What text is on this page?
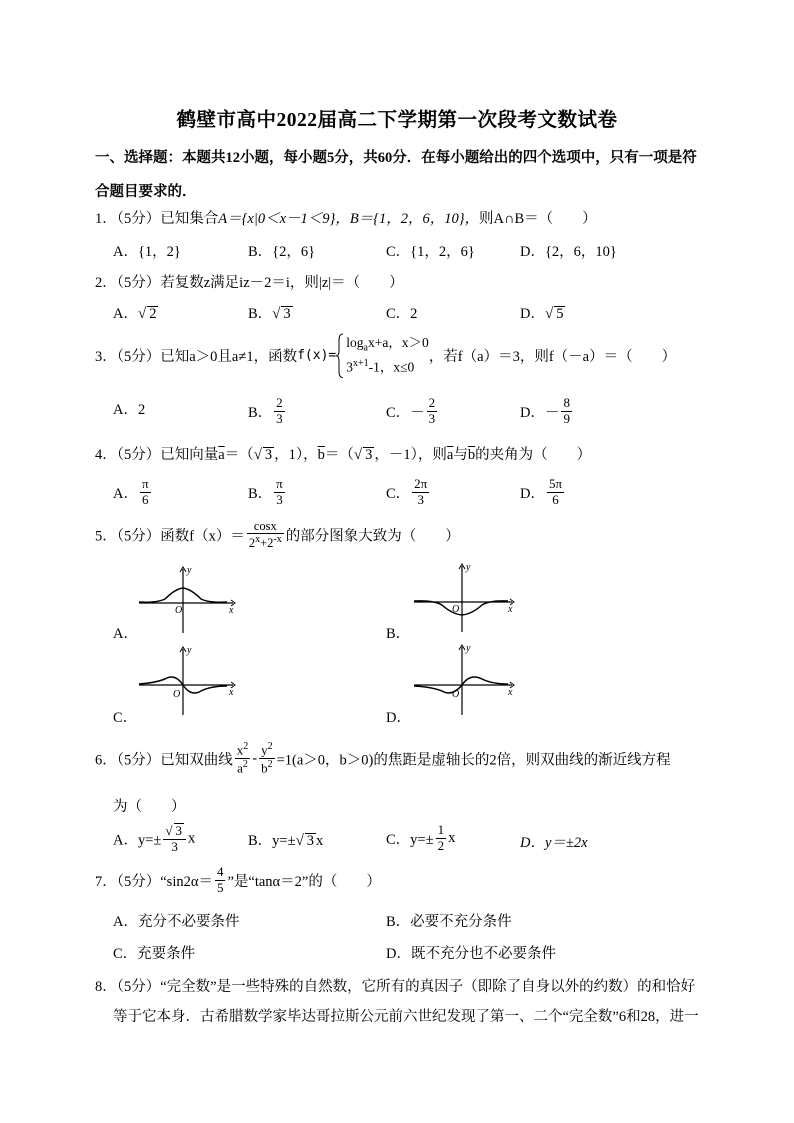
鹤壁市高中2022届高二下学期第一次段考文数试卷
一、选择题：本题共12小题，每小题5分，共60分．在每小题给出的四个选项中，只有一项是符
合题目要求的．
1．（5分）已知集合A＝{x|0＜x－1＜9}，B＝{1，2，6，10}，则A∩B＝（　　）
A．{1，2}	B．{2，6}	C．{1，2，6}	D．{2，6，10}
2．（5分）若复数z满足iz－2＝i，则|z|＝（　　）
A．√ 2	B．√ 3	C．2	D．√ 5
3．（5分）已知a＞0且a≠1，函数f(x)=
$\log_ax+a$，x＞0
$3^{x+1}-1$，x≤0
，若f（a）＝3，则f（－a）＝（　　）
A．2	B． $\frac{2}{3}$	C．－ $\frac{2}{3}$	D．－ $\frac{8}{9}$
4．（5分）已知向量$\overline{a}=(√$ 3 ，1），$\overline{b}=(√$ 3 ，－1），则$\overline{a}$与$\overline{b}$的夹角为（　　）
A． $\frac{\pi}{6}$	B． $\frac{\pi}{3}$	C． $\frac{2\pi}{3}$	D． $\frac{5\pi}{6}$
5．（5分）函数$f(x)= \frac{\cos x}{2^x+2^{-x}}$ 的部分图象大致为（　　）
O	x
y
A．
O	x
y
B．
O	x
y
C．
O	x
y
D．
6．（5分）已知双曲线 $\frac{x^2}{a^2} - \frac{y^2}{b^2} =1(a>0$，b＞0)的焦距是虚轴长的2倍，则双曲线的渐近线方程
为（　　）
A．$y=\pm \frac{√ 3}{3}$ x	B．y=±√ 3 x	C．$y=\pm \frac{1}{2}$ x	D．y＝±2x
7．（5分）“sin2α＝ $\frac{4}{5}$ ”是“tanα＝2”的（　　）
A．充分不必要条件	B．必要不充分条件
C．充要条件	D．既不充分也不必要条件
8．（5分）“完全数”是一些特殊的自然数，它所有的真因子（即除了自身以外的约数）的和恰好
等于它本身．古希腊数学家毕达哥拉斯公元前六世纪发现了第一、二个“完全数”6和28，进一
